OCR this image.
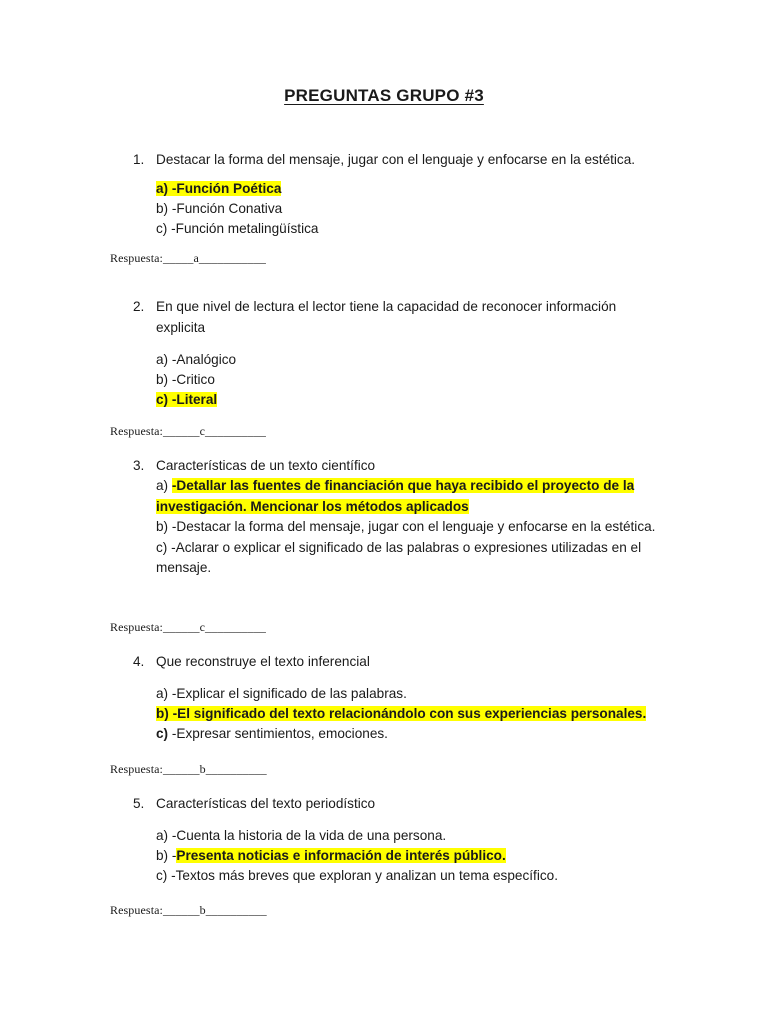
PREGUNTAS GRUPO #3
1. Destacar la forma del mensaje, jugar con el lenguaje y enfocarse en la estética.
a) -Función Poética
b) -Función Conativa
c) -Función metalingüística
Respuesta:_____a___________
2. En que nivel de lectura el lector tiene la capacidad de reconocer información explicita
a) -Analógico
b) -Critico
c) -Literal
Respuesta:______c__________
3. Características de un texto científico
a) -Detallar las fuentes de financiación que haya recibido el proyecto de la investigación. Mencionar los métodos aplicados
b) -Destacar la forma del mensaje, jugar con el lenguaje y enfocarse en la estética.
c) -Aclarar o explicar el significado de las palabras o expresiones utilizadas en el mensaje.
Respuesta:______c__________
4. Que reconstruye el texto inferencial
a) -Explicar el significado de las palabras.
b) -El significado del texto relacionándolo con sus experiencias personales.
c) -Expresar sentimientos, emociones.
Respuesta:______b__________
5. Características del texto periodístico
a) -Cuenta la historia de la vida de una persona.
b) -Presenta noticias e información de interés público.
c) -Textos más breves que exploran y analizan un tema específico.
Respuesta:______b__________
